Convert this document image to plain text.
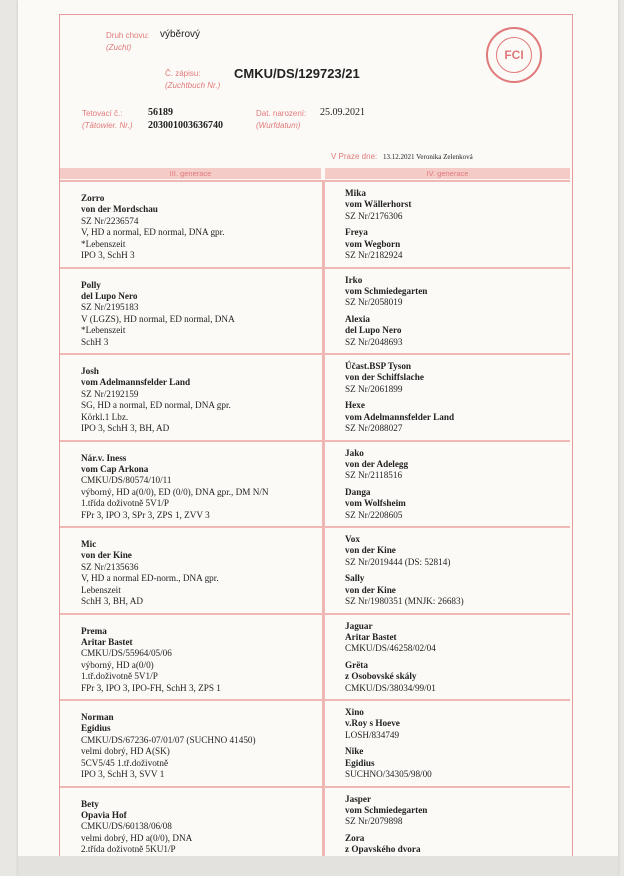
Druh chovu:
(Zucht)
výběrový
Č. zápisu:
(Zuchtbuch Nr.)
CMKU/DS/129723/21
Tetovací č.:
(Tätowier. Nr.)
56189
203001003636740
Dat. narození:
(Wurfdatum)
25.09.2021
FCI
V Praze dne: 13.12.2021 Veronika Zelenková
III. generace	IV. generace
Zorro
von der Mordschau
SZ Nr/2236574
V, HD a normal, ED normal, DNA gpr.
*Lebenszeit
IPO 3, SchH 3
Mika
vom Wällerhorst
SZ Nr/2176306
Freya
vom Wegborn
SZ Nr/2182924
Polly
del Lupo Nero
SZ Nr/2195183
V (LGZS), HD normal, ED normal, DNA
*Lebenszeit
SchH 3
Irko
vom Schmiedegarten
SZ Nr/2058019
Alexia
del Lupo Nero
SZ Nr/2048693
Josh
vom Adelmannsfelder Land
SZ Nr/2192159
SG, HD a normal, ED normal, DNA gpr.
Körkl.1 Lbz.
IPO 3, SchH 3, BH, AD
Účast.BSP Tyson
von der Schiffslache
SZ Nr/2061899
Hexe
vom Adelmannsfelder Land
SZ Nr/2088027
Nár.v. Iness
vom Cap Arkona
CMKU/DS/80574/10/11
výborný, HD a(0/0), ED (0/0), DNA gpr., DM N/N
1.třída doživotně 5V1/P
FPr 3, IPO 3, SPr 3, ZPS 1, ZVV 3
Jako
von der Adelegg
SZ Nr/2118516
Danga
vom Wolfsheim
SZ Nr/2208605
Mic
von der Kine
SZ Nr/2135636
V, HD a normal ED-norm., DNA gpr.
Lebenszeit
SchH 3, BH, AD
Vox
von der Kine
SZ Nr/2019444 (DS: 52814)
Sally
von der Kine
SZ Nr/1980351 (MNJK: 26683)
Prema
Aritar Bastet
CMKU/DS/55964/05/06
výborný, HD a(0/0)
1.tř.doživotně 5V1/P
FPr 3, IPO 3, IPO-FH, SchH 3, ZPS 1
Jaguar
Aritar Bastet
CMKU/DS/46258/02/04
Grëta
z Osobovské skály
CMKU/DS/38034/99/01
Norman
Egidius
CMKU/DS/67236-07/01/07 (SUCHNO 41450)
velmi dobrý, HD A(SK)
5CV5/45 1.tř.doživotně
IPO 3, SchH 3, SVV 1
Xino
v.Roy s Hoeve
LOSH/834749
Nike
Egidius
SUCHNO/34305/98/00
Bety
Opavia Hof
CMKU/DS/60138/06/08
velmi dobrý, HD a(0/0), DNA
2.třída doživotně 5KU1/P
Jasper
vom Schmiedegarten
SZ Nr/2079898
Zora
z Opavského dvora
